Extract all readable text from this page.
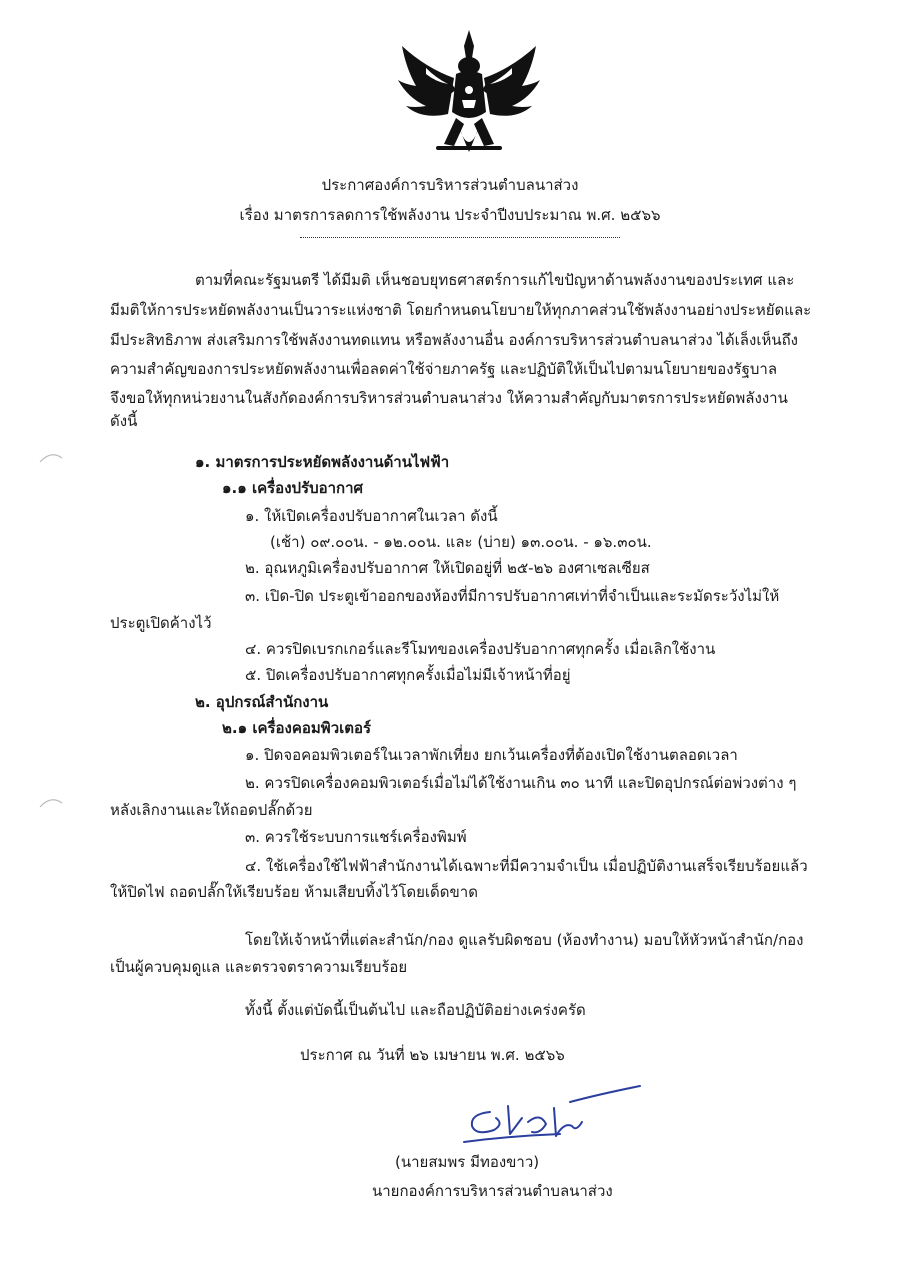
ประกาศองค์การบริหารส่วนตำบลนาส่วง
เรื่อง มาตรการลดการใช้พลังงาน ประจำปีงบประมาณ พ.ศ. ๒๕๖๖
ตามที่คณะรัฐมนตรี ได้มีมติ เห็นชอบยุทธศาสตร์การแก้ไขปัญหาด้านพลังงานของประเทศ และ
มีมติให้การประหยัดพลังงานเป็นวาระแห่งชาติ โดยกำหนดนโยบายให้ทุกภาคส่วนใช้พลังงานอย่างประหยัดและ
มีประสิทธิภาพ ส่งเสริมการใช้พลังงานทดแทน หรือพลังงานอื่น องค์การบริหารส่วนตำบลนาส่วง ได้เล็งเห็นถึง
ความสำคัญของการประหยัดพลังงานเพื่อลดค่าใช้จ่ายภาครัฐ และปฏิบัติให้เป็นไปตามนโยบายของรัฐบาล
จึงขอให้ทุกหน่วยงานในสังกัดองค์การบริหารส่วนตำบลนาส่วง ให้ความสำคัญกับมาตรการประหยัดพลังงาน
ดังนี้
๑. มาตรการประหยัดพลังงานด้านไฟฟ้า
๑.๑ เครื่องปรับอากาศ
๑. ให้เปิดเครื่องปรับอากาศในเวลา ดังนี้
(เช้า) ๐๙.๐๐น. - ๑๒.๐๐น. และ (บ่าย) ๑๓.๐๐น. - ๑๖.๓๐น.
๒. อุณหภูมิเครื่องปรับอากาศ ให้เปิดอยู่ที่ ๒๕-๒๖ องศาเซลเซียส
๓. เปิด-ปิด ประตูเข้าออกของห้องที่มีการปรับอากาศเท่าที่จำเป็นและระมัดระวังไม่ให้
ประตูเปิดค้างไว้
๔. ควรปิดเบรกเกอร์และรีโมทของเครื่องปรับอากาศทุกครั้ง เมื่อเลิกใช้งาน
๕. ปิดเครื่องปรับอากาศทุกครั้งเมื่อไม่มีเจ้าหน้าที่อยู่
๒. อุปกรณ์สำนักงาน
๒.๑ เครื่องคอมพิวเตอร์
๑. ปิดจอคอมพิวเตอร์ในเวลาพักเที่ยง ยกเว้นเครื่องที่ต้องเปิดใช้งานตลอดเวลา
๒. ควรปิดเครื่องคอมพิวเตอร์เมื่อไม่ได้ใช้งานเกิน ๓๐ นาที และปิดอุปกรณ์ต่อพ่วงต่าง ๆ
หลังเลิกงานและให้ถอดปลั๊กด้วย
๓. ควรใช้ระบบการแชร์เครื่องพิมพ์
๔. ใช้เครื่องใช้ไฟฟ้าสำนักงานได้เฉพาะที่มีความจำเป็น เมื่อปฏิบัติงานเสร็จเรียบร้อยแล้ว
ให้ปิดไฟ ถอดปลั๊กให้เรียบร้อย ห้ามเสียบทิ้งไว้โดยเด็ดขาด
โดยให้เจ้าหน้าที่แต่ละสำนัก/กอง ดูแลรับผิดชอบ (ห้องทำงาน) มอบให้หัวหน้าสำนัก/กอง
เป็นผู้ควบคุมดูแล และตรวจตราความเรียบร้อย
ทั้งนี้ ตั้งแต่บัดนี้เป็นต้นไป และถือปฏิบัติอย่างเคร่งครัด
ประกาศ ณ วันที่ ๒๖ เมษายน พ.ศ. ๒๕๖๖
(นายสมพร มีทองขาว)
นายกองค์การบริหารส่วนตำบลนาส่วง
